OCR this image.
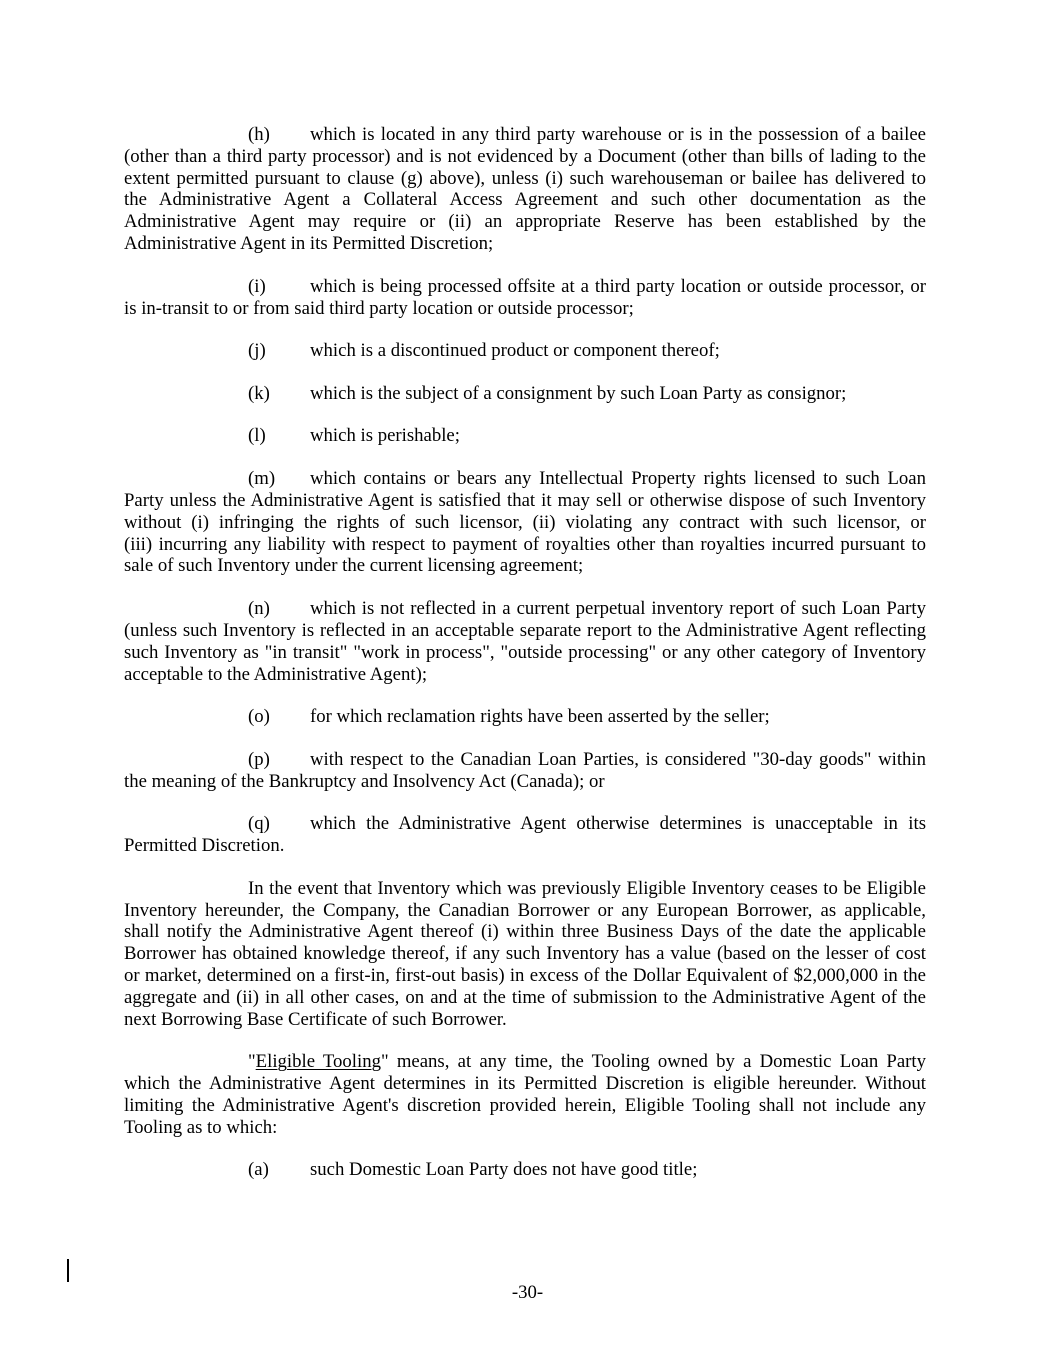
(h)	which is located in any third party warehouse or is in the possession of a bailee
(other than a third party processor) and is not evidenced by a Document (other than bills of lading to the
extent permitted pursuant to clause (g) above), unless (i) such warehouseman or bailee has delivered to
the Administrative Agent a Collateral Access Agreement and such other documentation as the
Administrative Agent may require or (ii) an appropriate Reserve has been established by the
Administrative Agent in its Permitted Discretion;
(i)	which is being processed offsite at a third party location or outside processor, or
is in-transit to or from said third party location or outside processor;
(j)	which is a discontinued product or component thereof;
(k)	which is the subject of a consignment by such Loan Party as consignor;
(l)	which is perishable;
(m)	which contains or bears any Intellectual Property rights licensed to such Loan
Party unless the Administrative Agent is satisfied that it may sell or otherwise dispose of such Inventory
without (i) infringing the rights of such licensor, (ii) violating any contract with such licensor, or
(iii) incurring any liability with respect to payment of royalties other than royalties incurred pursuant to
sale of such Inventory under the current licensing agreement;
(n)	which is not reflected in a current perpetual inventory report of such Loan Party
(unless such Inventory is reflected in an acceptable separate report to the Administrative Agent reflecting
such Inventory as "in transit" "work in process", "outside processing" or any other category of Inventory
acceptable to the Administrative Agent);
(o)	for which reclamation rights have been asserted by the seller;
(p)	with respect to the Canadian Loan Parties, is considered "30-day goods" within
the meaning of the Bankruptcy and Insolvency Act (Canada); or
(q)	which the Administrative Agent otherwise determines is unacceptable in its
Permitted Discretion.
In the event that Inventory which was previously Eligible Inventory ceases to be Eligible
Inventory hereunder, the Company, the Canadian Borrower or any European Borrower, as applicable,
shall notify the Administrative Agent thereof (i) within three Business Days of the date the applicable
Borrower has obtained knowledge thereof, if any such Inventory has a value (based on the lesser of cost
or market, determined on a first-in, first-out basis) in excess of the Dollar Equivalent of $2,000,000 in the
aggregate and (ii) in all other cases, on and at the time of submission to the Administrative Agent of the
next Borrowing Base Certificate of such Borrower.
"Eligible Tooling" means, at any time, the Tooling owned by a Domestic Loan Party
which the Administrative Agent determines in its Permitted Discretion is eligible hereunder. Without
limiting the Administrative Agent's discretion provided herein, Eligible Tooling shall not include any
Tooling as to which:
(a)	such Domestic Loan Party does not have good title;
-30-
